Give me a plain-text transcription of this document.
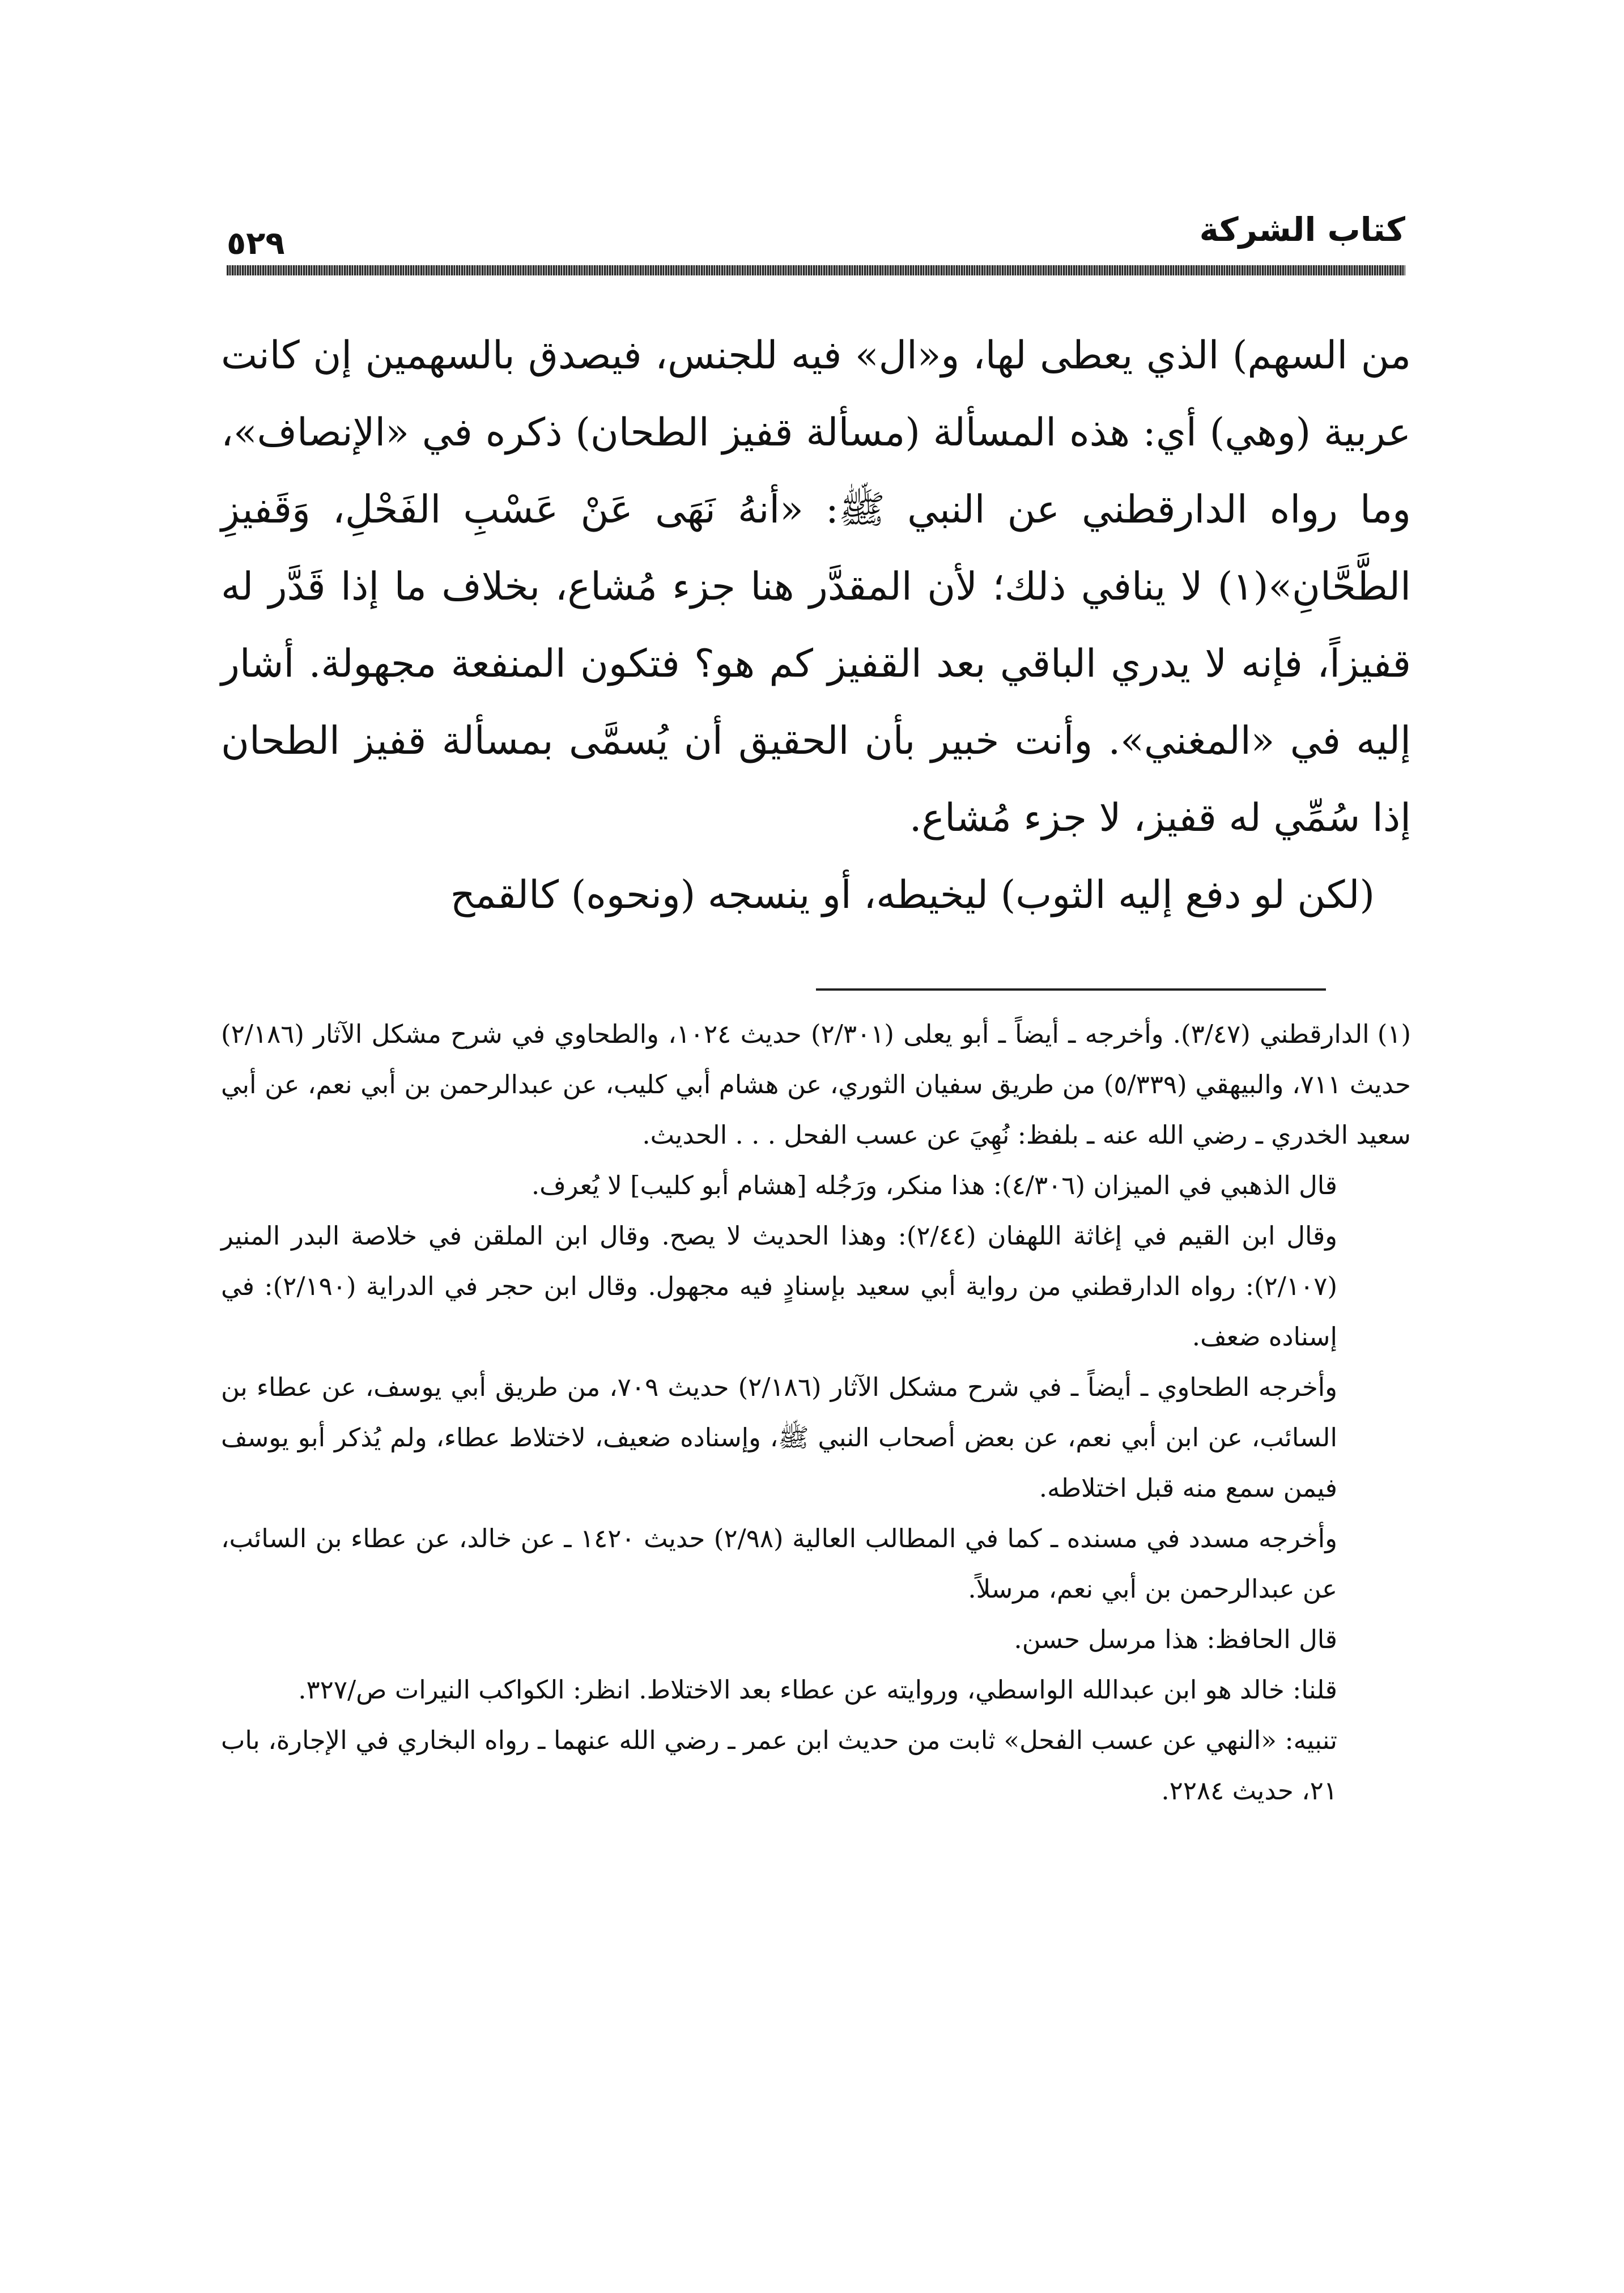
كتاب الشركة
٥٢٩

من السهم) الذي يعطى لها، و«ال» فيه للجنس، فيصدق بالسهمين إن كانت عربية (وهي) أي: هذه المسألة (مسألة قفيز الطحان) ذكره في «الإنصاف»، وما رواه الدارقطني عن النبي ﷺ: «أنهُ نَهَى عَنْ عَسْبِ الفَحْلِ، وَقَفيزِ الطَّحَّانِ»(١) لا ينافي ذلك؛ لأن المقدَّر هنا جزء مُشاع، بخلاف ما إذا قَدَّر له قفيزاً، فإنه لا يدري الباقي بعد القفيز كم هو؟ فتكون المنفعة مجهولة. أشار إليه في «المغني». وأنت خبير بأن الحقيق أن يُسمَّى بمسألة قفيز الطحان إذا سُمِّي له قفيز، لا جزء مُشاع.

(لكن لو دفع إليه الثوب) ليخيطه، أو ينسجه (ونحوه) كالقمح

(١)الدارقطني (٣/٤٧). وأخرجه ـ أيضاً ـ أبو يعلى (٢/٣٠١) حديث ١٠٢٤، والطحاوي في شرح مشكل الآثار (٢/١٨٦) حديث ٧١١، والبيهقي (٥/٣٣٩) من طريق سفيان الثوري، عن هشام أبي كليب، عن عبدالرحمن بن أبي نعم، عن أبي سعيد الخدري ـ رضي الله عنه ـ بلفظ: نُهِيَ عن عسب الفحل . . . الحديث.

قال الذهبي في الميزان (٤/٣٠٦): هذا منكر، ورَجُله [هشام أبو كليب] لا يُعرف.

وقال ابن القيم في إغاثة اللهفان (٢/٤٤): وهذا الحديث لا يصح. وقال ابن الملقن في خلاصة البدر المنير (٢/١٠٧): رواه الدارقطني من رواية أبي سعيد بإسنادٍ فيه مجهول. وقال ابن حجر في الدراية (٢/١٩٠): في إسناده ضعف.

وأخرجه الطحاوي ـ أيضاً ـ في شرح مشكل الآثار (٢/١٨٦) حديث ٧٠٩، من طريق أبي يوسف، عن عطاء بن السائب، عن ابن أبي نعم، عن بعض أصحاب النبي ﷺ، وإسناده ضعيف، لاختلاط عطاء، ولم يُذكر أبو يوسف فيمن سمع منه قبل اختلاطه.

وأخرجه مسدد في مسنده ـ كما في المطالب العالية (٢/٩٨) حديث ١٤٢٠ ـ عن خالد، عن عطاء بن السائب، عن عبدالرحمن بن أبي نعم، مرسلاً.

قال الحافظ: هذا مرسل حسن.

قلنا: خالد هو ابن عبدالله الواسطي، وروايته عن عطاء بعد الاختلاط. انظر: الكواكب النيرات ص/٣٢٧.

تنبيه: «النهي عن عسب الفحل» ثابت من حديث ابن عمر ـ رضي الله عنهما ـ رواه البخاري في الإجارة، باب ٢١، حديث ٢٢٨٤.
